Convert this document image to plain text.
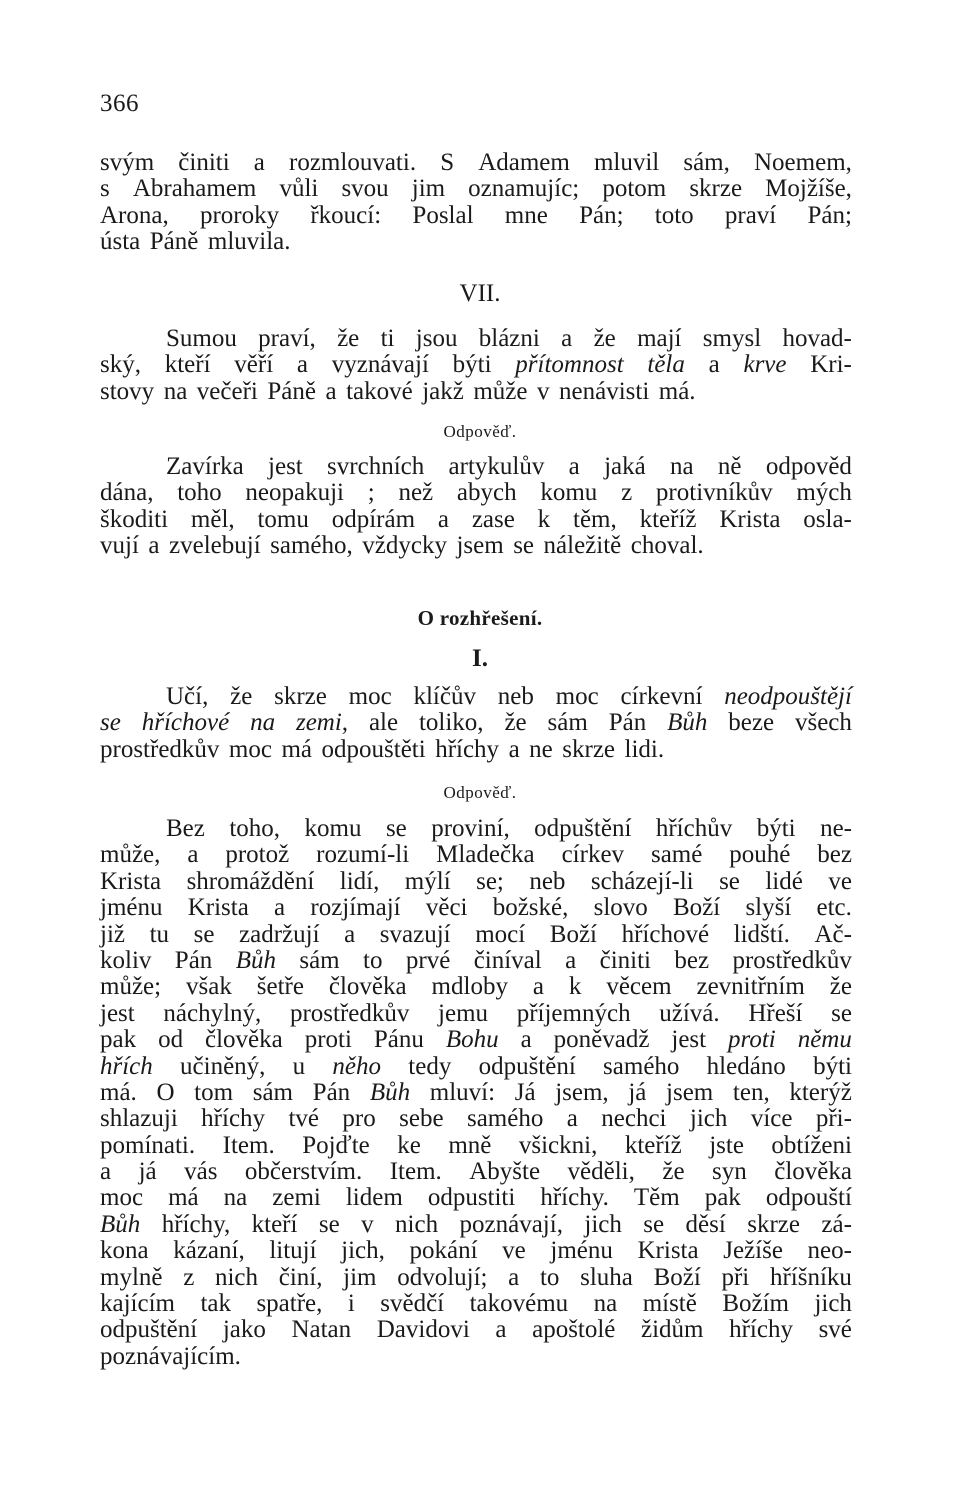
366
svým činiti a rozmlouvati. S Adamem mluvil sám, Noemem,
s Abrahamem vůli svou jim oznamujíc; potom skrze Mojžíše,
Arona, proroky řkoucí: Poslal mne Pán; toto praví Pán;
ústa Páně mluvila.
VII.
Sumou praví, že ti jsou blázni a že mají smysl hovad-
ský, kteří věří a vyznávají býti přítomnost těla a krve Kri-
stovy na večeři Páně a takové jakž může v nenávisti má.
Odpověď.
Zavírka jest svrchních artykulův a jaká na ně odpověd
dána, toho neopakuji ; než abych komu z protivníkův mých
škoditi měl, tomu odpírám a zase k těm, kteříž Krista osla-
vují a zvelebují samého, vždycky jsem se náležitě choval.
O rozhřešení.
I.
Učí, že skrze moc klíčův neb moc církevní neodpouštějí
se hříchové na zemi, ale toliko, že sám Pán Bůh beze všech
prostředkův moc má odpouštěti hříchy a ne skrze lidi.
Odpověď.
Bez toho, komu se proviní, odpuštění hříchův býti ne-
může, a protož rozumí-li Mladečka církev samé pouhé bez
Krista shromáždění lidí, mýlí se; neb scházejí-li se lidé ve
jménu Krista a rozjímají věci božské, slovo Boží slyší etc.
již tu se zadržují a svazují mocí Boží hříchové lidští. Ač-
koliv Pán Bůh sám to prvé činíval a činiti bez prostředkův
může; však šetře člověka mdloby a k věcem zevnitřním že
jest náchylný, prostředkův jemu příjemných užívá. Hřeší se
pak od člověka proti Pánu Bohu a poněvadž jest proti němu
hřích učiněný, u něho tedy odpuštění samého hledáno býti
má. O tom sám Pán Bůh mluví: Já jsem, já jsem ten, kterýž
shlazuji hříchy tvé pro sebe samého a nechci jich více při-
pomínati. Item. Pojďte ke mně všickni, kteříž jste obtíženi
a já vás občerstvím. Item. Abyšte věděli, že syn člověka
moc má na zemi lidem odpustiti hříchy. Těm pak odpouští
Bůh hříchy, kteří se v nich poznávají, jich se děsí skrze zá-
kona kázaní, litují jich, pokání ve jménu Krista Ježíše neo-
mylně z nich činí, jim odvolují; a to sluha Boží při hříšníku
kajícím tak spatře, i svědčí takovému na místě Božím jich
odpuštění jako Natan Davidovi a apoštolé židům hříchy své
poznávajícím.
